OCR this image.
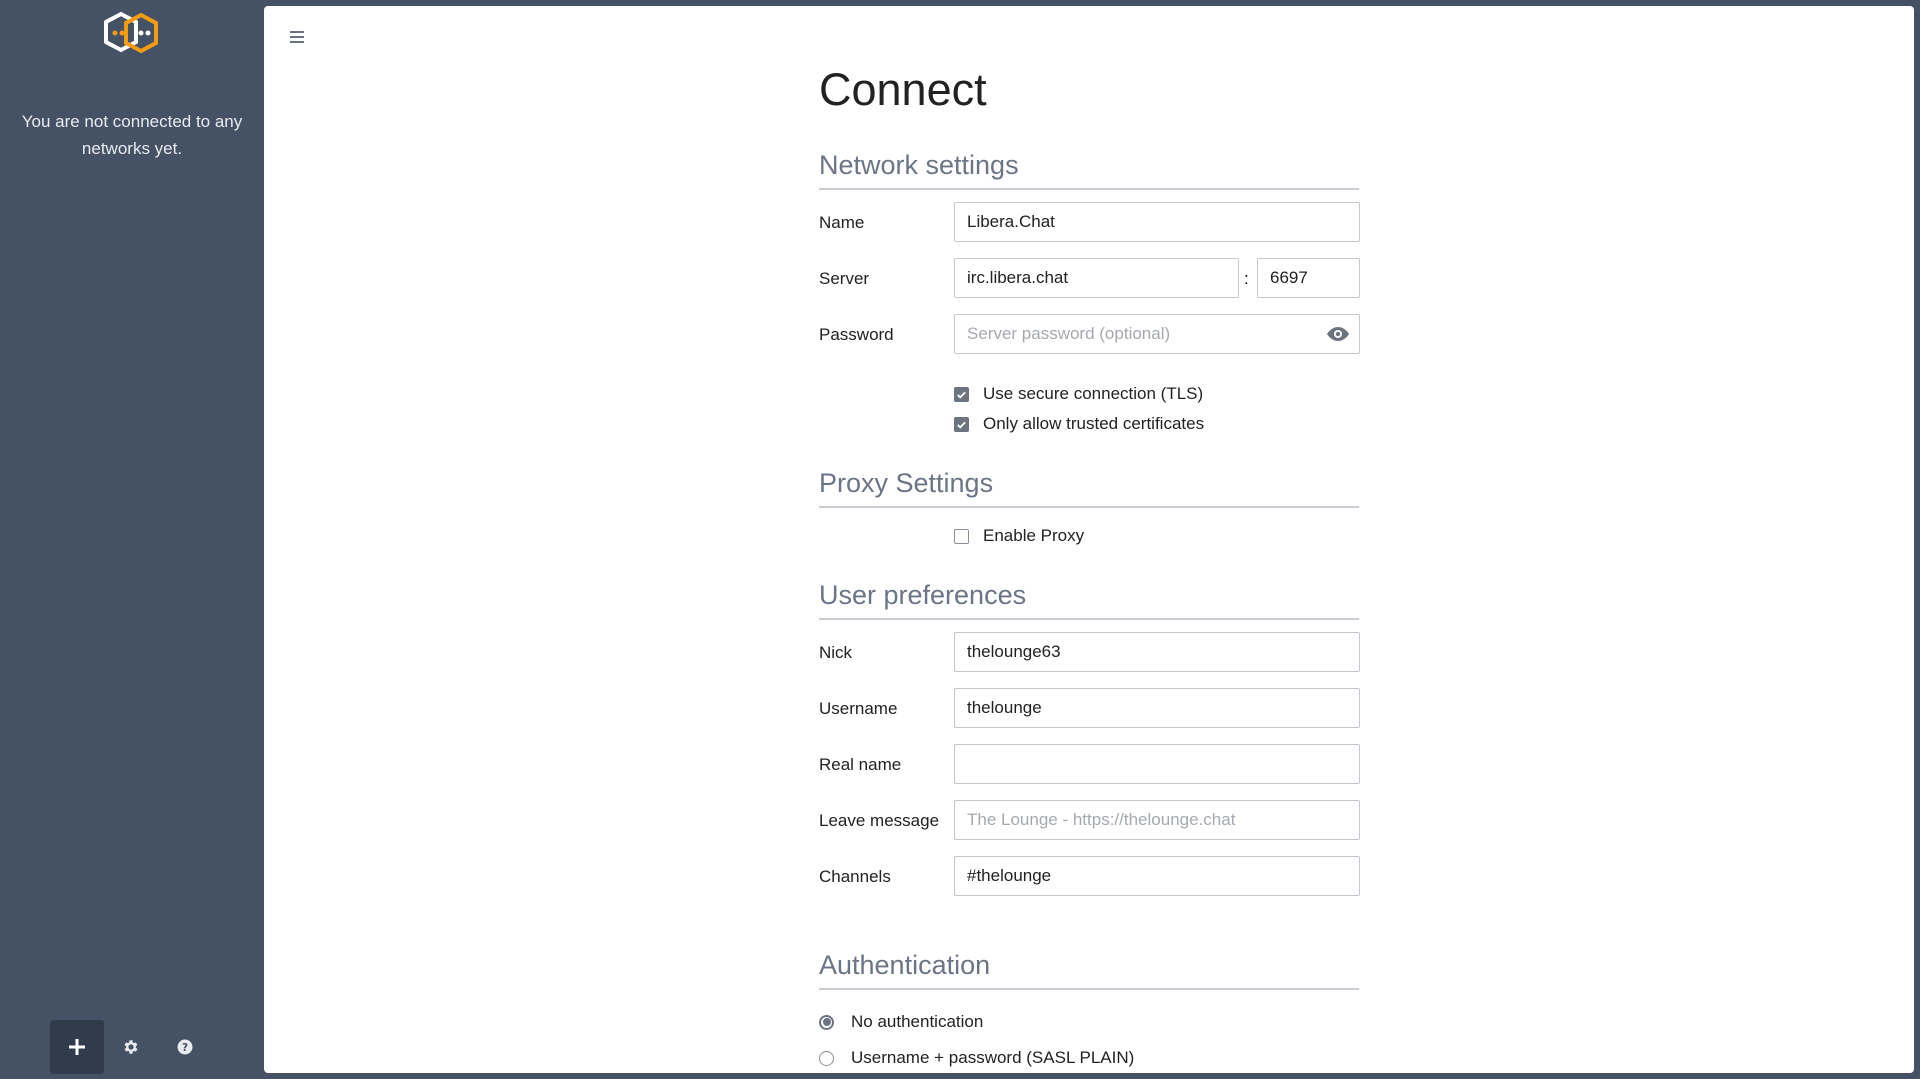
You are not connected to any networks yet.
?
Connect
Network settings
Name
Libera.Chat
Server
irc.libera.chat	:
6697
Password
Server password (optional)
Use secure connection (TLS)
Only allow trusted certificates
Proxy Settings
Enable Proxy
User preferences
Nick
thelounge63
Username
thelounge
Real name
Leave message
The Lounge - https://thelounge.chat
Channels
#thelounge
Authentication
No authentication
Username + password (SASL PLAIN)
